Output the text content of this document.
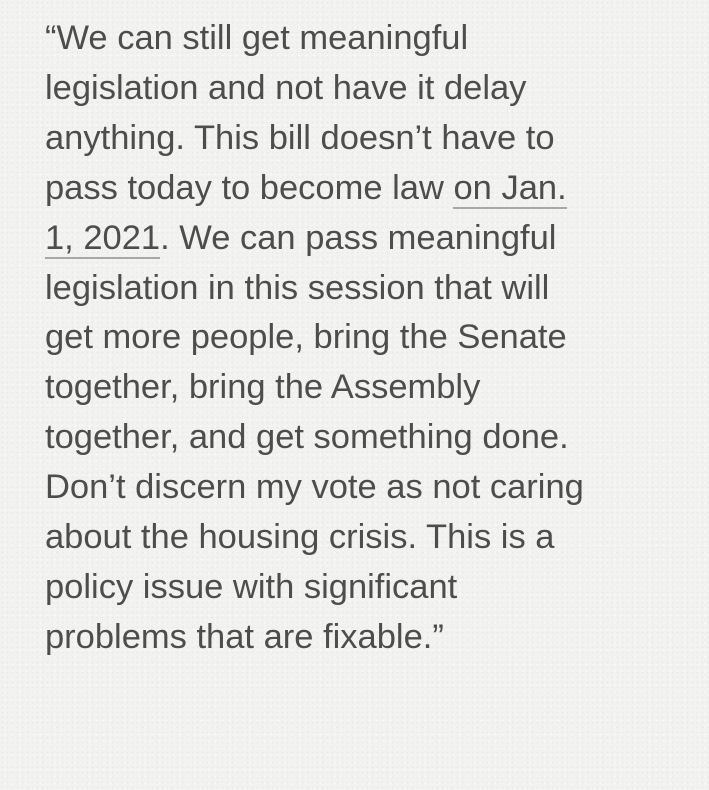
“We can still get meaningful
legislation and not have it delay
anything. This bill doesn’t have to
pass today to become law on Jan.
1, 2021. We can pass meaningful
legislation in this session that will
get more people, bring the Senate
together, bring the Assembly
together, and get something done.
Don’t discern my vote as not caring
about the housing crisis. This is a
policy issue with significant
problems that are fixable.”
